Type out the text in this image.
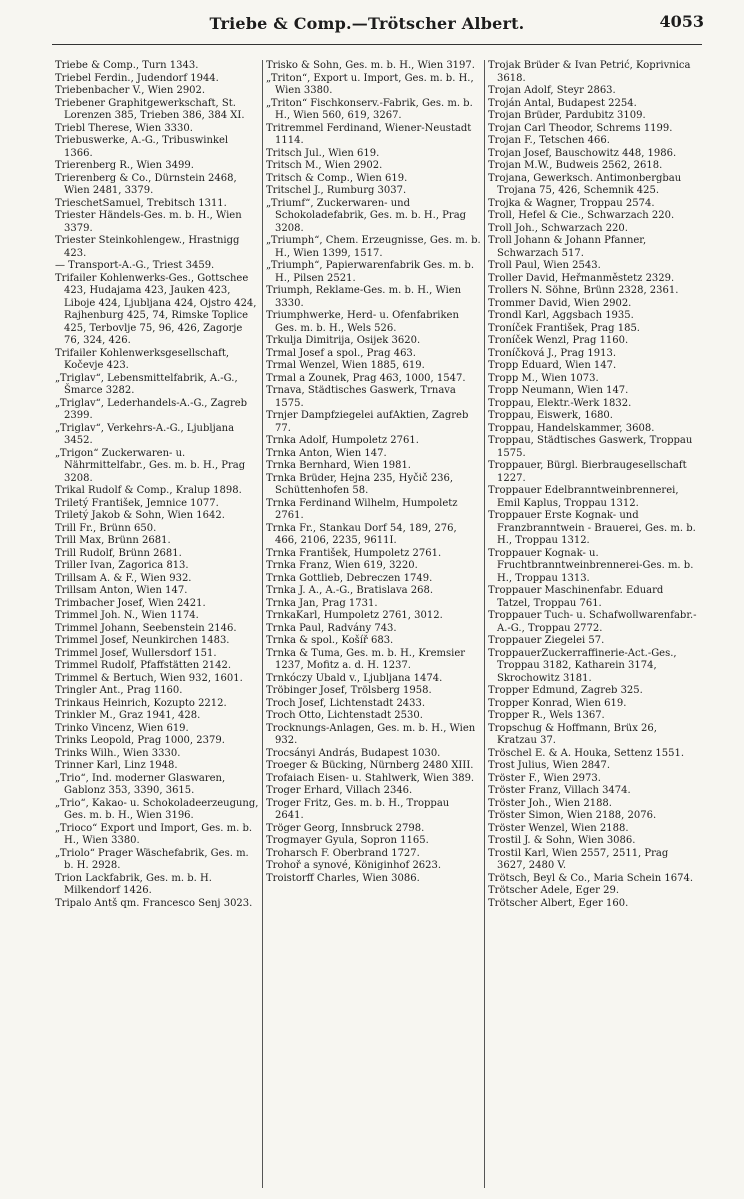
Triebe & Comp.—Trötscher Albert.	4053
Triebe & Comp., Turn 1343.
Triebel Ferdin., Judendorf 1944.
Triebenbacher V., Wien 2902.
Triebener Graphitgewerkschaft, St. Lorenzen 385, Trieben 386, 384 XI.
Triebl Therese, Wien 3330.
Triebuswerke, A.-G., Tribuswinkel 1366.
Trierenberg R., Wien 3499.
Trierenberg & Co., Dürnstein 2468, Wien 2481, 3379.
TrieschetSamuel, Trebitsch 1311.
Triester Händels-Ges. m. b. H., Wien 3379.
Triester Steinkohlengew., Hrastnigg 423.
— Transport-A.-G., Triest 3459.
Trifailer Kohlenwerks-Ges., Gottschee 423, Hudajama 423, Jauken 423, Liboje 424, Ljubljana 424, Ojstro 424, Rajhenburg 425, 74, Rimske Toplice 425, Terbovlje 75, 96, 426, Zagorje 76, 324, 426.
Trifailer Kohlenwerksgesellschaft, Kočevje 423.
„Triglav“, Lebensmittelfabrik, A.-G., Šmarce 3282.
„Triglav“, Lederhandels-A.-G., Zagreb 2399.
„Triglav“, Verkehrs-A.-G., Ljubljana 3452.
„Trigon“ Zuckerwaren- u. Nährmittelfabr., Ges. m. b. H., Prag 3208.
Trikal Rudolf & Comp., Kralup 1898.
Triletý František, Jemnice 1077.
Triletý Jakob & Sohn, Wien 1642.
Trill Fr., Brünn 650.
Trill Max, Brünn 2681.
Trill Rudolf, Brünn 2681.
Triller Ivan, Zagorica 813.
Trillsam A. & F., Wien 932.
Trillsam Anton, Wien 147.
Trimbacher Josef, Wien 2421.
Trimmel Joh. N., Wien 1174.
Trimmel Johann, Seebenstein 2146.
Trimmel Josef, Neunkirchen 1483.
Trimmel Josef, Wullersdorf 151.
Trimmel Rudolf, Pfaffstätten 2142.
Trimmel & Bertuch, Wien 932, 1601.
Tringler Ant., Prag 1160.
Trinkaus Heinrich, Kozupto 2212.
Trinkler M., Graz 1941, 428.
Trinko Vincenz, Wien 619.
Trinks Leopold, Prag 1000, 2379.
Trinks Wilh., Wien 3330.
Trinner Karl, Linz 1948.
„Trio“, Ind. moderner Glaswaren, Gablonz 353, 3390, 3615.
„Trio“, Kakao- u. Schokoladeerzeugung, Ges. m. b. H., Wien 3196.
„Trioco“ Export und Import, Ges. m. b. H., Wien 3380.
„Triolo“ Prager Wäschefabrik, Ges. m. b. H. 2928.
Trion Lackfabrik, Ges. m. b. H. Milkendorf 1426.
Tripalo Antš qm. Francesco Senj 3023.
Trisko & Sohn, Ges. m. b. H., Wien 3197.
„Triton“, Export u. Import, Ges. m. b. H., Wien 3380.
„Triton“ Fischkonserv.-Fabrik, Ges. m. b. H., Wien 560, 619, 3267.
Tritremmel Ferdinand, Wiener-Neustadt 1114.
Tritsch Jul., Wien 619.
Tritsch M., Wien 2902.
Tritsch & Comp., Wien 619.
Tritschel J., Rumburg 3037.
„Triumf“, Zuckerwaren- und Schokoladefabrik, Ges. m. b. H., Prag 3208.
„Triumph“, Chem. Erzeugnisse, Ges. m. b. H., Wien 1399, 1517.
„Triumph“, Papierwarenfabrik Ges. m. b. H., Pilsen 2521.
Triumph, Reklame-Ges. m. b. H., Wien 3330.
Triumphwerke, Herd- u. Ofenfabriken Ges. m. b. H., Wels 526.
Trkulja Dimitrija, Osijek 3620.
Trmal Josef a spol., Prag 463.
Trmal Wenzel, Wien 1885, 619.
Trmal a Zounek, Prag 463, 1000, 1547.
Trnava, Städtisches Gaswerk, Trnava 1575.
Trnjer Dampfziegelei aufAktien, Zagreb 77.
Trnka Adolf, Humpoletz 2761.
Trnka Anton, Wien 147.
Trnka Bernhard, Wien 1981.
Trnka Brüder, Hejna 235, Hyčič 236, Schüttenhofen 58.
Trnka Ferdinand Wilhelm, Humpoletz 2761.
Trnka Fr., Stankau Dorf 54, 189, 276, 466, 2106, 2235, 9611I.
Trnka František, Humpoletz 2761.
Trnka Franz, Wien 619, 3220.
Trnka Gottlieb, Debreczen 1749.
Trnka J. A., A.-G., Bratislava 268.
Trnka Jan, Prag 1731.
TrnkaKarl, Humpoletz 2761, 3012.
Trnka Paul, Radvány 743.
Trnka & spol., Košíř 683.
Trnka & Tuma, Ges. m. b. H., Kremsier 1237, Mofitz a. d. H. 1237.
Trnkóczy Ubald v., Ljubljana 1474.
Tröbinger Josef, Trölsberg 1958.
Troch Josef, Lichtenstadt 2433.
Troch Otto, Lichtenstadt 2530.
Trocknungs-Anlagen, Ges. m. b. H., Wien 932.
Trocsányi András, Budapest 1030.
Troeger & Bücking, Nürnberg 2480 XIII.
Trofaiach Eisen- u. Stahlwerk, Wien 389.
Troger Erhard, Villach 2346.
Troger Fritz, Ges. m. b. H., Troppau 2641.
Tröger Georg, Innsbruck 2798.
Trogmayer Gyula, Sopron 1165.
Troharsch F. Oberbrand 1727.
Trohoř a synové, Königinhof 2623.
Troistorff Charles, Wien 3086.
Trojak Brüder & Ivan Petrić, Koprivnica 3618.
Trojan Adolf, Steyr 2863.
Troján Antal, Budapest 2254.
Trojan Brüder, Pardubitz 3109.
Trojan Carl Theodor, Schrems 1199.
Trojan F., Tetschen 466.
Trojan Josef, Bauschowitz 448, 1986.
Trojan M.W., Budweis 2562, 2618.
Trojana, Gewerksch. Antimonbergbau Trojana 75, 426, Schemnik 425.
Trojka & Wagner, Troppau 2574.
Troll, Hefel & Cie., Schwarzach 220.
Troll Joh., Schwarzach 220.
Troll Johann & Johann Pfanner, Schwarzach 517.
Troll Paul, Wien 2543.
Troller David, Heřmanměstetz 2329.
Trollers N. Söhne, Brünn 2328, 2361.
Trommer David, Wien 2902.
Trondl Karl, Aggsbach 1935.
Troníček František, Prag 185.
Troníček Wenzl, Prag 1160.
Troníčková J., Prag 1913.
Tropp Eduard, Wien 147.
Tropp M., Wien 1073.
Tropp Neumann, Wien 147.
Troppau, Elektr.-Werk 1832.
Troppau, Eiswerk, 1680.
Troppau, Handelskammer, 3608.
Troppau, Städtisches Gaswerk, Troppau 1575.
Troppauer, Bürgl. Bierbraugesellschaft 1227.
Troppauer Edelbranntweinbrennerei, Emil Kaplus, Troppau 1312.
Troppauer Erste Kognak- und Franzbranntwein - Brauerei, Ges. m. b. H., Troppau 1312.
Troppauer Kognak- u. Fruchtbranntweinbrennerei-Ges. m. b. H., Troppau 1313.
Troppauer Maschinenfabr. Eduard Tatzel, Troppau 761.
Troppauer Tuch- u. Schafwollwarenfabr.-A.-G., Troppau 2772.
Troppauer Ziegelei 57.
TroppauerZuckerraffinerie-Act.-Ges., Troppau 3182, Katharein 3174, Skrochowitz 3181.
Tropper Edmund, Zagreb 325.
Tropper Konrad, Wien 619.
Tropper R., Wels 1367.
Tropschug & Hoffmann, Brüx 26, Kratzau 37.
Tröschel E. & A. Houka, Settenz 1551.
Trost Julius, Wien 2847.
Tröster F., Wien 2973.
Tröster Franz, Villach 3474.
Tröster Joh., Wien 2188.
Tröster Simon, Wien 2188, 2076.
Tröster Wenzel, Wien 2188.
Trostil J. & Sohn, Wien 3086.
Trostil Karl, Wien 2557, 2511, Prag 3627, 2480 V.
Trötsch, Beyl & Co., Maria Schein 1674.
Trötscher Adele, Eger 29.
Trötscher Albert, Eger 160.
